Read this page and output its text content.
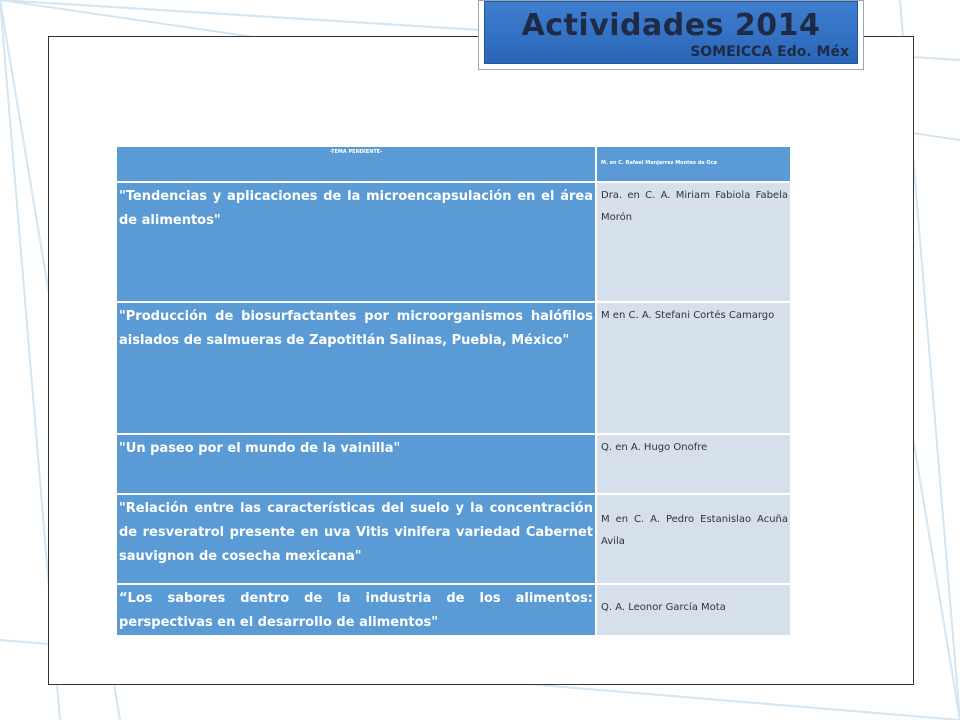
Actividades 2014
SOMEICCA Edo. Méx
-TEMA PENDIENTE-	M. en C. Rafael Manjarrez Montes de Oca

"Tendencias y aplicaciones de la microencapsulación en el área de alimentos"	Dra. en C. A. Miriam Fabiola Fabela Morón

"Producción de biosurfactantes por microorganismos halófilos aislados de salmueras de Zapotitlán Salinas, Puebla, México"	M en C. A. Stefani Cortés Camargo

"Un paseo por el mundo de la vainilla"	Q. en A. Hugo Onofre

"Relación entre las características del suelo y la concentración de resveratrol presente en uva Vitis vinifera variedad Cabernet sauvignon de cosecha mexicana"	M en C. A. Pedro Estanislao Acuña Avila

“Los sabores dentro de la industria de los alimentos: perspectivas en el desarrollo de alimentos"	Q. A. Leonor García Mota
